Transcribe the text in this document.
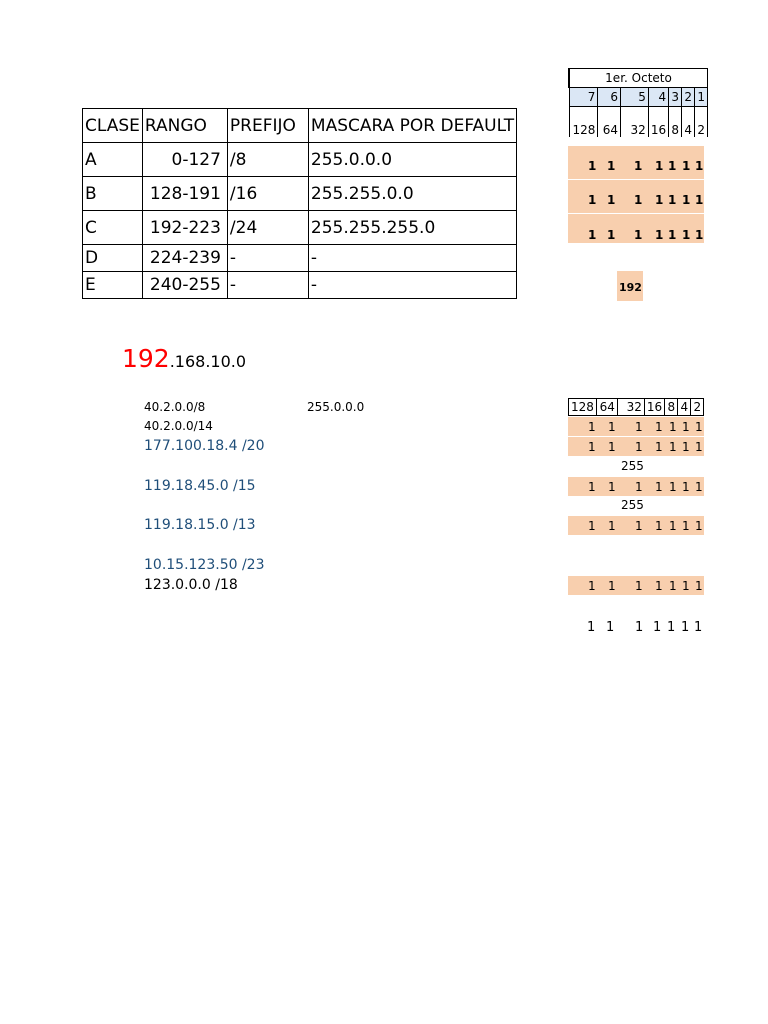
CLASE	RANGO	PREFIJO	MASCARA POR DEFAULT
A	0-127	/8	255.0.0.0
B	128-191	/16	255.255.0.0
C	192-223	/24	255.255.255.0
D	224-239	-	-
E	240-255	-	-
1er. Octeto						
7	6	5	4	3	2	1
128	64	32	16	8	4	2
1 1 1 1 1 1 1
1 1 1 1 1 1 1
1 1 1 1 1 1 1
192
192.168.10.0
40.2.0.0/8	255.0.0.0
40.2.0.0/14
177.100.18.4 /20
119.18.45.0 /15
119.18.15.0 /13
10.15.123.50 /23
123.0.0.0 /18
128	64	32	16	8	4	2
1 1 1 1 1 1 1
1 1 1 1 1 1 1
255
1 1 1 1 1 1 1
255
1 1 1 1 1 1 1
1 1 1 1 1 1 1
1 1 1 1 1 1 1
